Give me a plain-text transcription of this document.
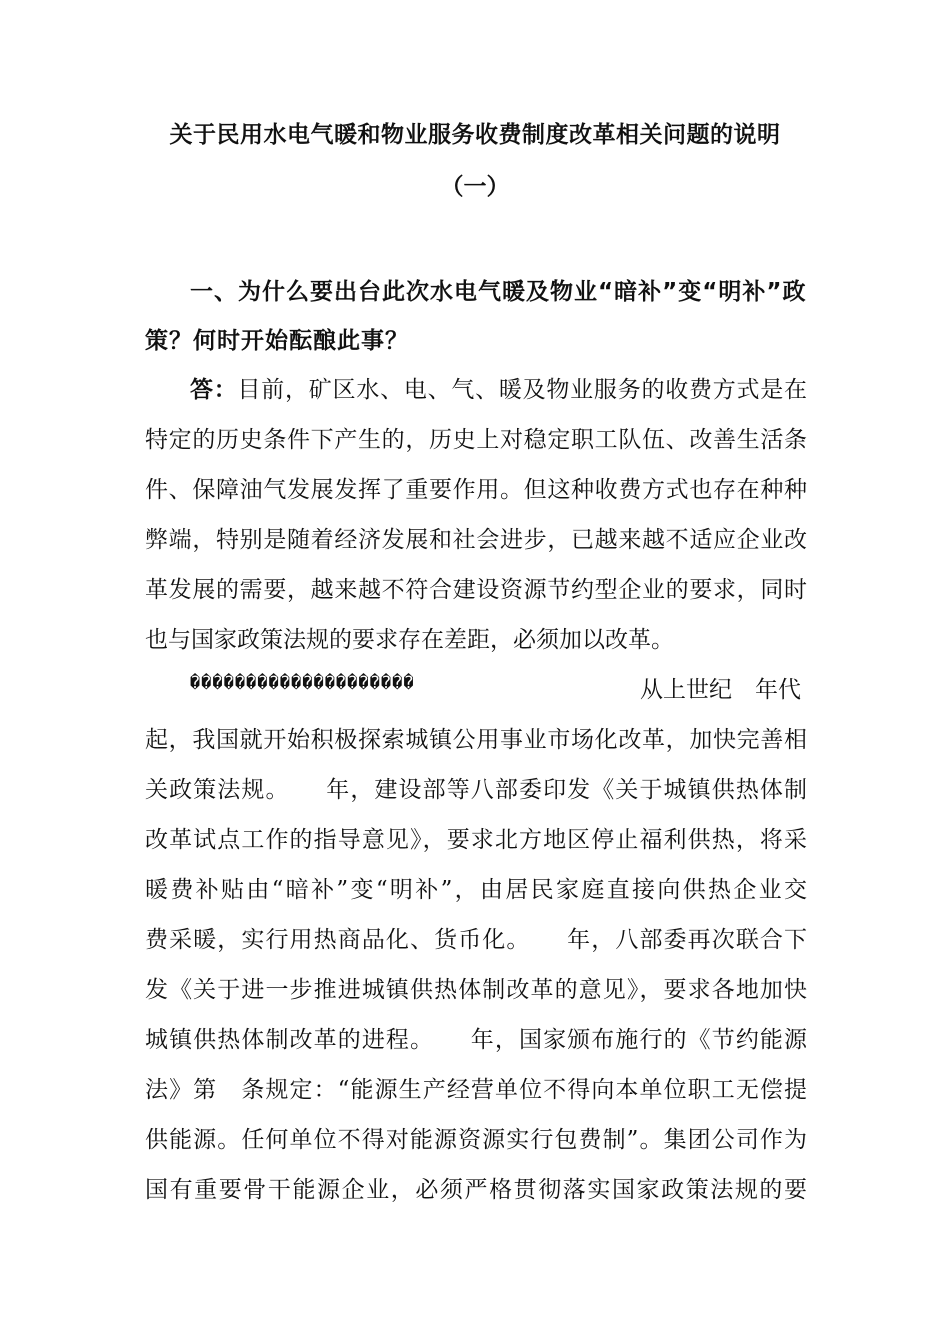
关于民用水电气暖和物业服务收费制度改革相关问题的说明
（一）
一、为什么要出台此次水电气暖及物业“暗补”变“明补”政
策？何时开始酝酿此事？
答：目前，矿区水、电、气、暖及物业服务的收费方式是在
特定的历史条件下产生的，历史上对稳定职工队伍、改善生活条
件、保障油气发展发挥了重要作用。但这种收费方式也存在种种
弊端，特别是随着经济发展和社会进步，已越来越不适应企业改
革发展的需要，越来越不符合建设资源节约型企业的要求，同时
也与国家政策法规的要求存在差距，必须加以改革。
��������������������	从上世纪　年代
起，我国就开始积极探索城镇公用事业市场化改革，加快完善相
关政策法规。　　年，建设部等八部委印发《关于城镇供热体制
改革试点工作的指导意见》，要求北方地区停止福利供热，将采
暖费补贴由“暗补”变“明补”，由居民家庭直接向供热企业交
费采暖，实行用热商品化、货币化。　　年，八部委再次联合下
发《关于进一步推进城镇供热体制改革的意见》，要求各地加快
城镇供热体制改革的进程。　　年，国家颁布施行的《节约能源
法》第　条规定：“能源生产经营单位不得向本单位职工无偿提
供能源。任何单位不得对能源资源实行包费制”。集团公司作为
国有重要骨干能源企业，必须严格贯彻落实国家政策法规的要
